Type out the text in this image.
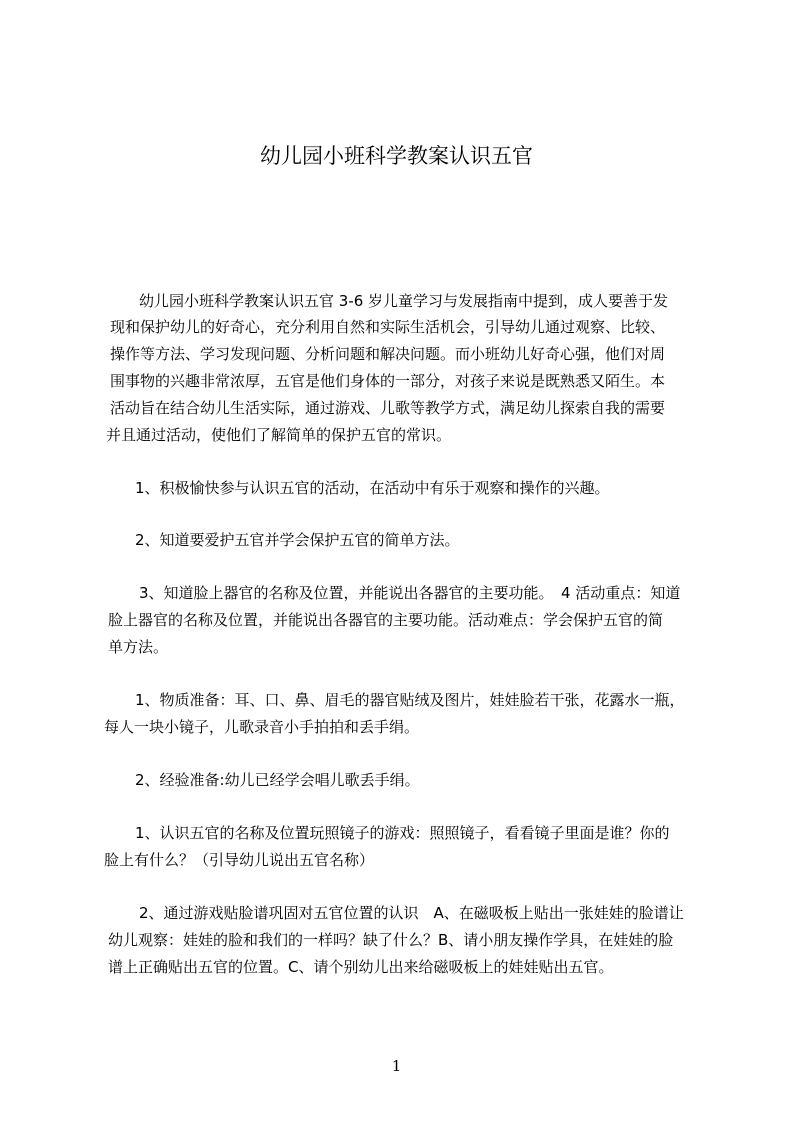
幼儿园小班科学教案认识五官
幼儿园小班科学教案认识五官 3-6 岁儿童学习与发展指南中提到，成人要善于发
现和保护幼儿的好奇心，充分利用自然和实际生活机会，引导幼儿通过观察、比较、
操作等方法、学习发现问题、分析问题和解决问题。而小班幼儿好奇心强，他们对周
围事物的兴趣非常浓厚，五官是他们身体的一部分，对孩子来说是既熟悉又陌生。本
活动旨在结合幼儿生活实际，通过游戏、儿歌等教学方式，满足幼儿探索自我的需要
并且通过活动，使他们了解简单的保护五官的常识。
1、积极愉快参与认识五官的活动，在活动中有乐于观察和操作的兴趣。
2、知道要爱护五官并学会保护五官的简单方法。
3、知道脸上器官的名称及位置，并能说出各器官的主要功能。　4 活动重点：知道
脸上器官的名称及位置，并能说出各器官的主要功能。活动难点：学会保护五官的简
单方法。
1、物质准备：耳、口、鼻、眉毛的器官贴绒及图片，娃娃脸若干张，花露水一瓶，
每人一块小镜子，儿歌录音小手拍拍和丢手绢。
2、经验准备:幼儿已经学会唱儿歌丢手绢。
1、认识五官的名称及位置玩照镜子的游戏：照照镜子，看看镜子里面是谁？你的
脸上有什么？（引导幼儿说出五官名称）
2、通过游戏贴脸谱巩固对五官位置的认识　A、在磁吸板上贴出一张娃娃的脸谱让
幼儿观察：娃娃的脸和我们的一样吗？缺了什么？B、请小朋友操作学具，在娃娃的脸
谱上正确贴出五官的位置。C、请个别幼儿出来给磁吸板上的娃娃贴出五官。
1
